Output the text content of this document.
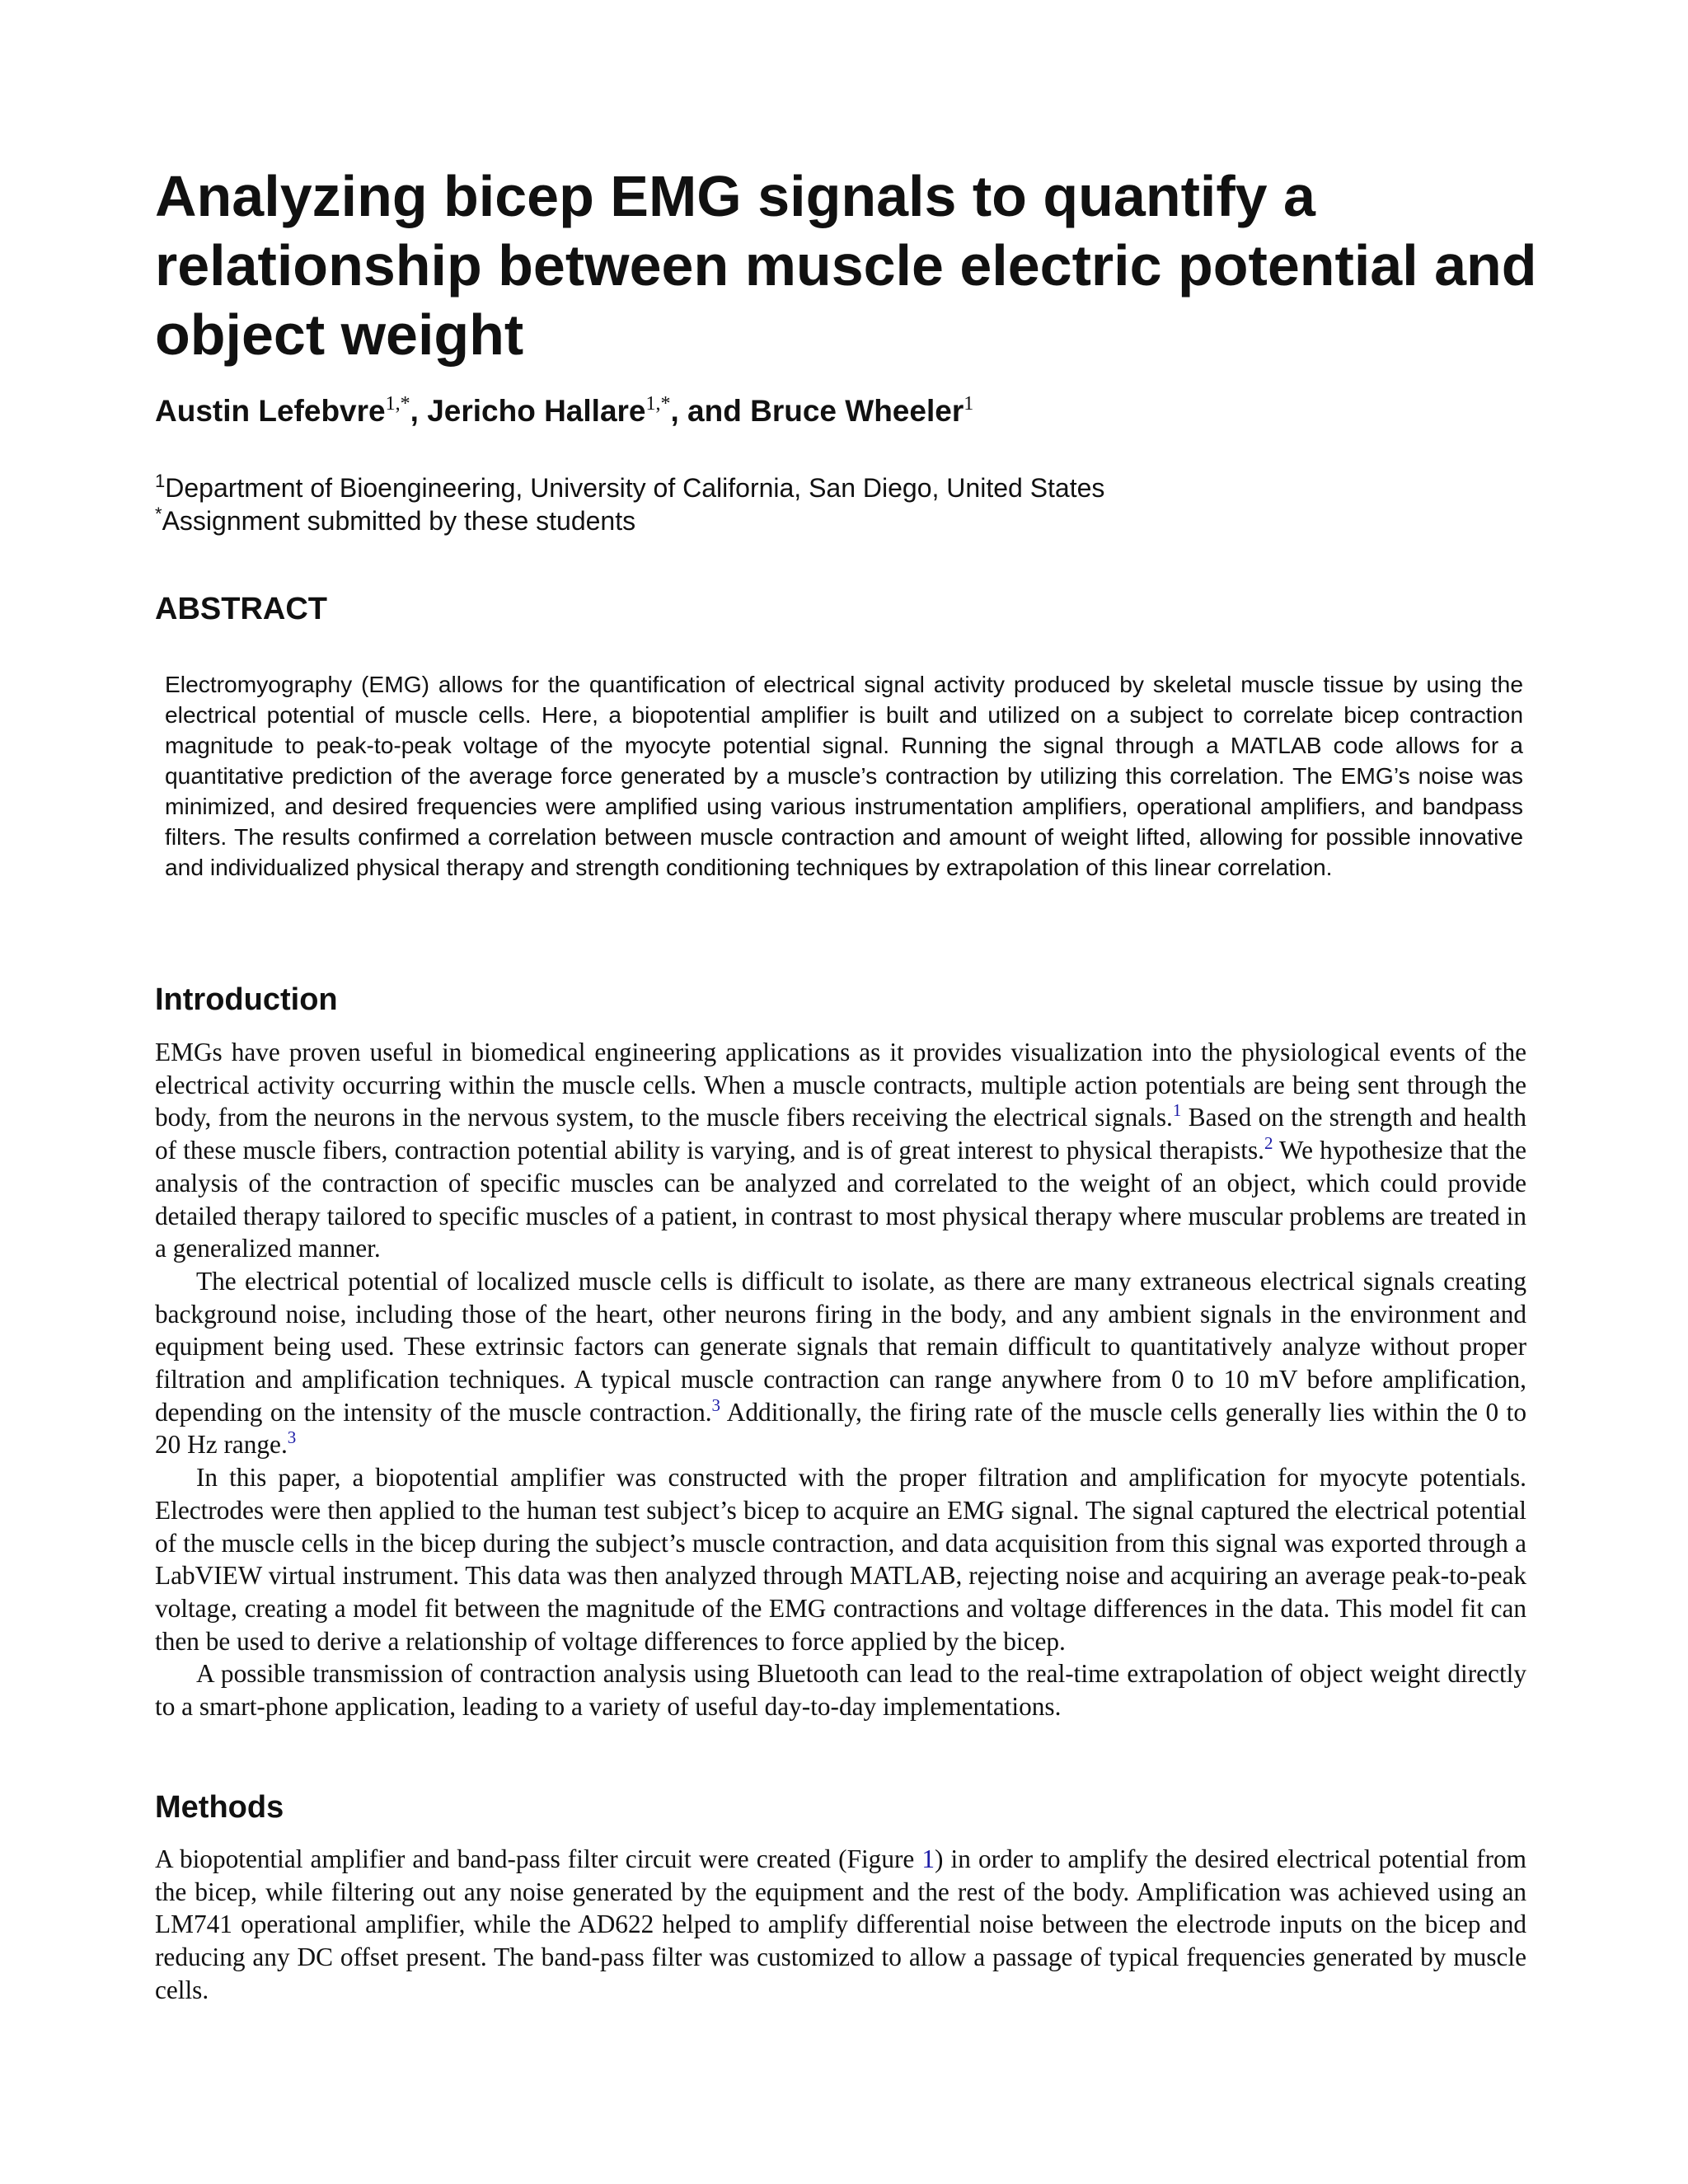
Analyzing bicep EMG signals to quantify a relationship between muscle electric potential and object weight

Austin Lefebvre$^{1,*}$, Jericho Hallare$^{1,*}$, and Bruce Wheeler$^1$

$^1$Department of Bioengineering, University of California, San Diego, United States

*Assignment submitted by these students

ABSTRACT

Electromyography (EMG) allows for the quantification of electrical signal activity produced by skeletal muscle tissue by using the electrical potential of muscle cells. Here, a biopotential amplifier is built and utilized on a subject to correlate bicep contraction magnitude to peak-to-peak voltage of the myocyte potential signal. Running the signal through a MATLAB code allows for a quantitative prediction of the average force generated by a muscle’s contraction by utilizing this correlation. The EMG’s noise was minimized, and desired frequencies were amplified using various instrumentation amplifiers, operational amplifiers, and bandpass filters. The results confirmed a correlation between muscle contraction and amount of weight lifted, allowing for possible innovative and individualized physical therapy and strength conditioning techniques by extrapolation of this linear correlation.

Introduction

EMGs have proven useful in biomedical engineering applications as it provides visualization into the physiological events of the electrical activity occurring within the muscle cells. When a muscle contracts, multiple action potentials are being sent through the body, from the neurons in the nervous system, to the muscle fibers receiving the electrical signals.$^1$ Based on the strength and health of these muscle fibers, contraction potential ability is varying, and is of great interest to physical therapists.$^2$ We hypothesize that the analysis of the contraction of specific muscles can be analyzed and correlated to the weight of an object, which could provide detailed therapy tailored to specific muscles of a patient, in contrast to most physical therapy where muscular problems are treated in a generalized manner.

The electrical potential of localized muscle cells is difficult to isolate, as there are many extraneous electrical signals creating background noise, including those of the heart, other neurons firing in the body, and any ambient signals in the environment and equipment being used. These extrinsic factors can generate signals that remain difficult to quantitatively analyze without proper filtration and amplification techniques. A typical muscle contraction can range anywhere from 0 to 10 mV before amplification, depending on the intensity of the muscle contraction.$^3$ Additionally, the firing rate of the muscle cells generally lies within the 0 to 20 Hz range.$^3$

In this paper, a biopotential amplifier was constructed with the proper filtration and amplification for myocyte potentials. Electrodes were then applied to the human test subject’s bicep to acquire an EMG signal. The signal captured the electrical potential of the muscle cells in the bicep during the subject’s muscle contraction, and data acquisition from this signal was exported through a LabVIEW virtual instrument. This data was then analyzed through MATLAB, rejecting noise and acquiring an average peak-to-peak voltage, creating a model fit between the magnitude of the EMG contractions and voltage differences in the data. This model fit can then be used to derive a relationship of voltage differences to force applied by the bicep.

A possible transmission of contraction analysis using Bluetooth can lead to the real-time extrapolation of object weight directly to a smart-phone application, leading to a variety of useful day-to-day implementations.

Methods

A biopotential amplifier and band-pass filter circuit were created (Figure 1) in order to amplify the desired electrical potential from the bicep, while filtering out any noise generated by the equipment and the rest of the body. Amplification was achieved using an LM741 operational amplifier, while the AD622 helped to amplify differential noise between the electrode inputs on the bicep and reducing any DC offset present. The band-pass filter was customized to allow a passage of typical frequencies generated by muscle cells.
